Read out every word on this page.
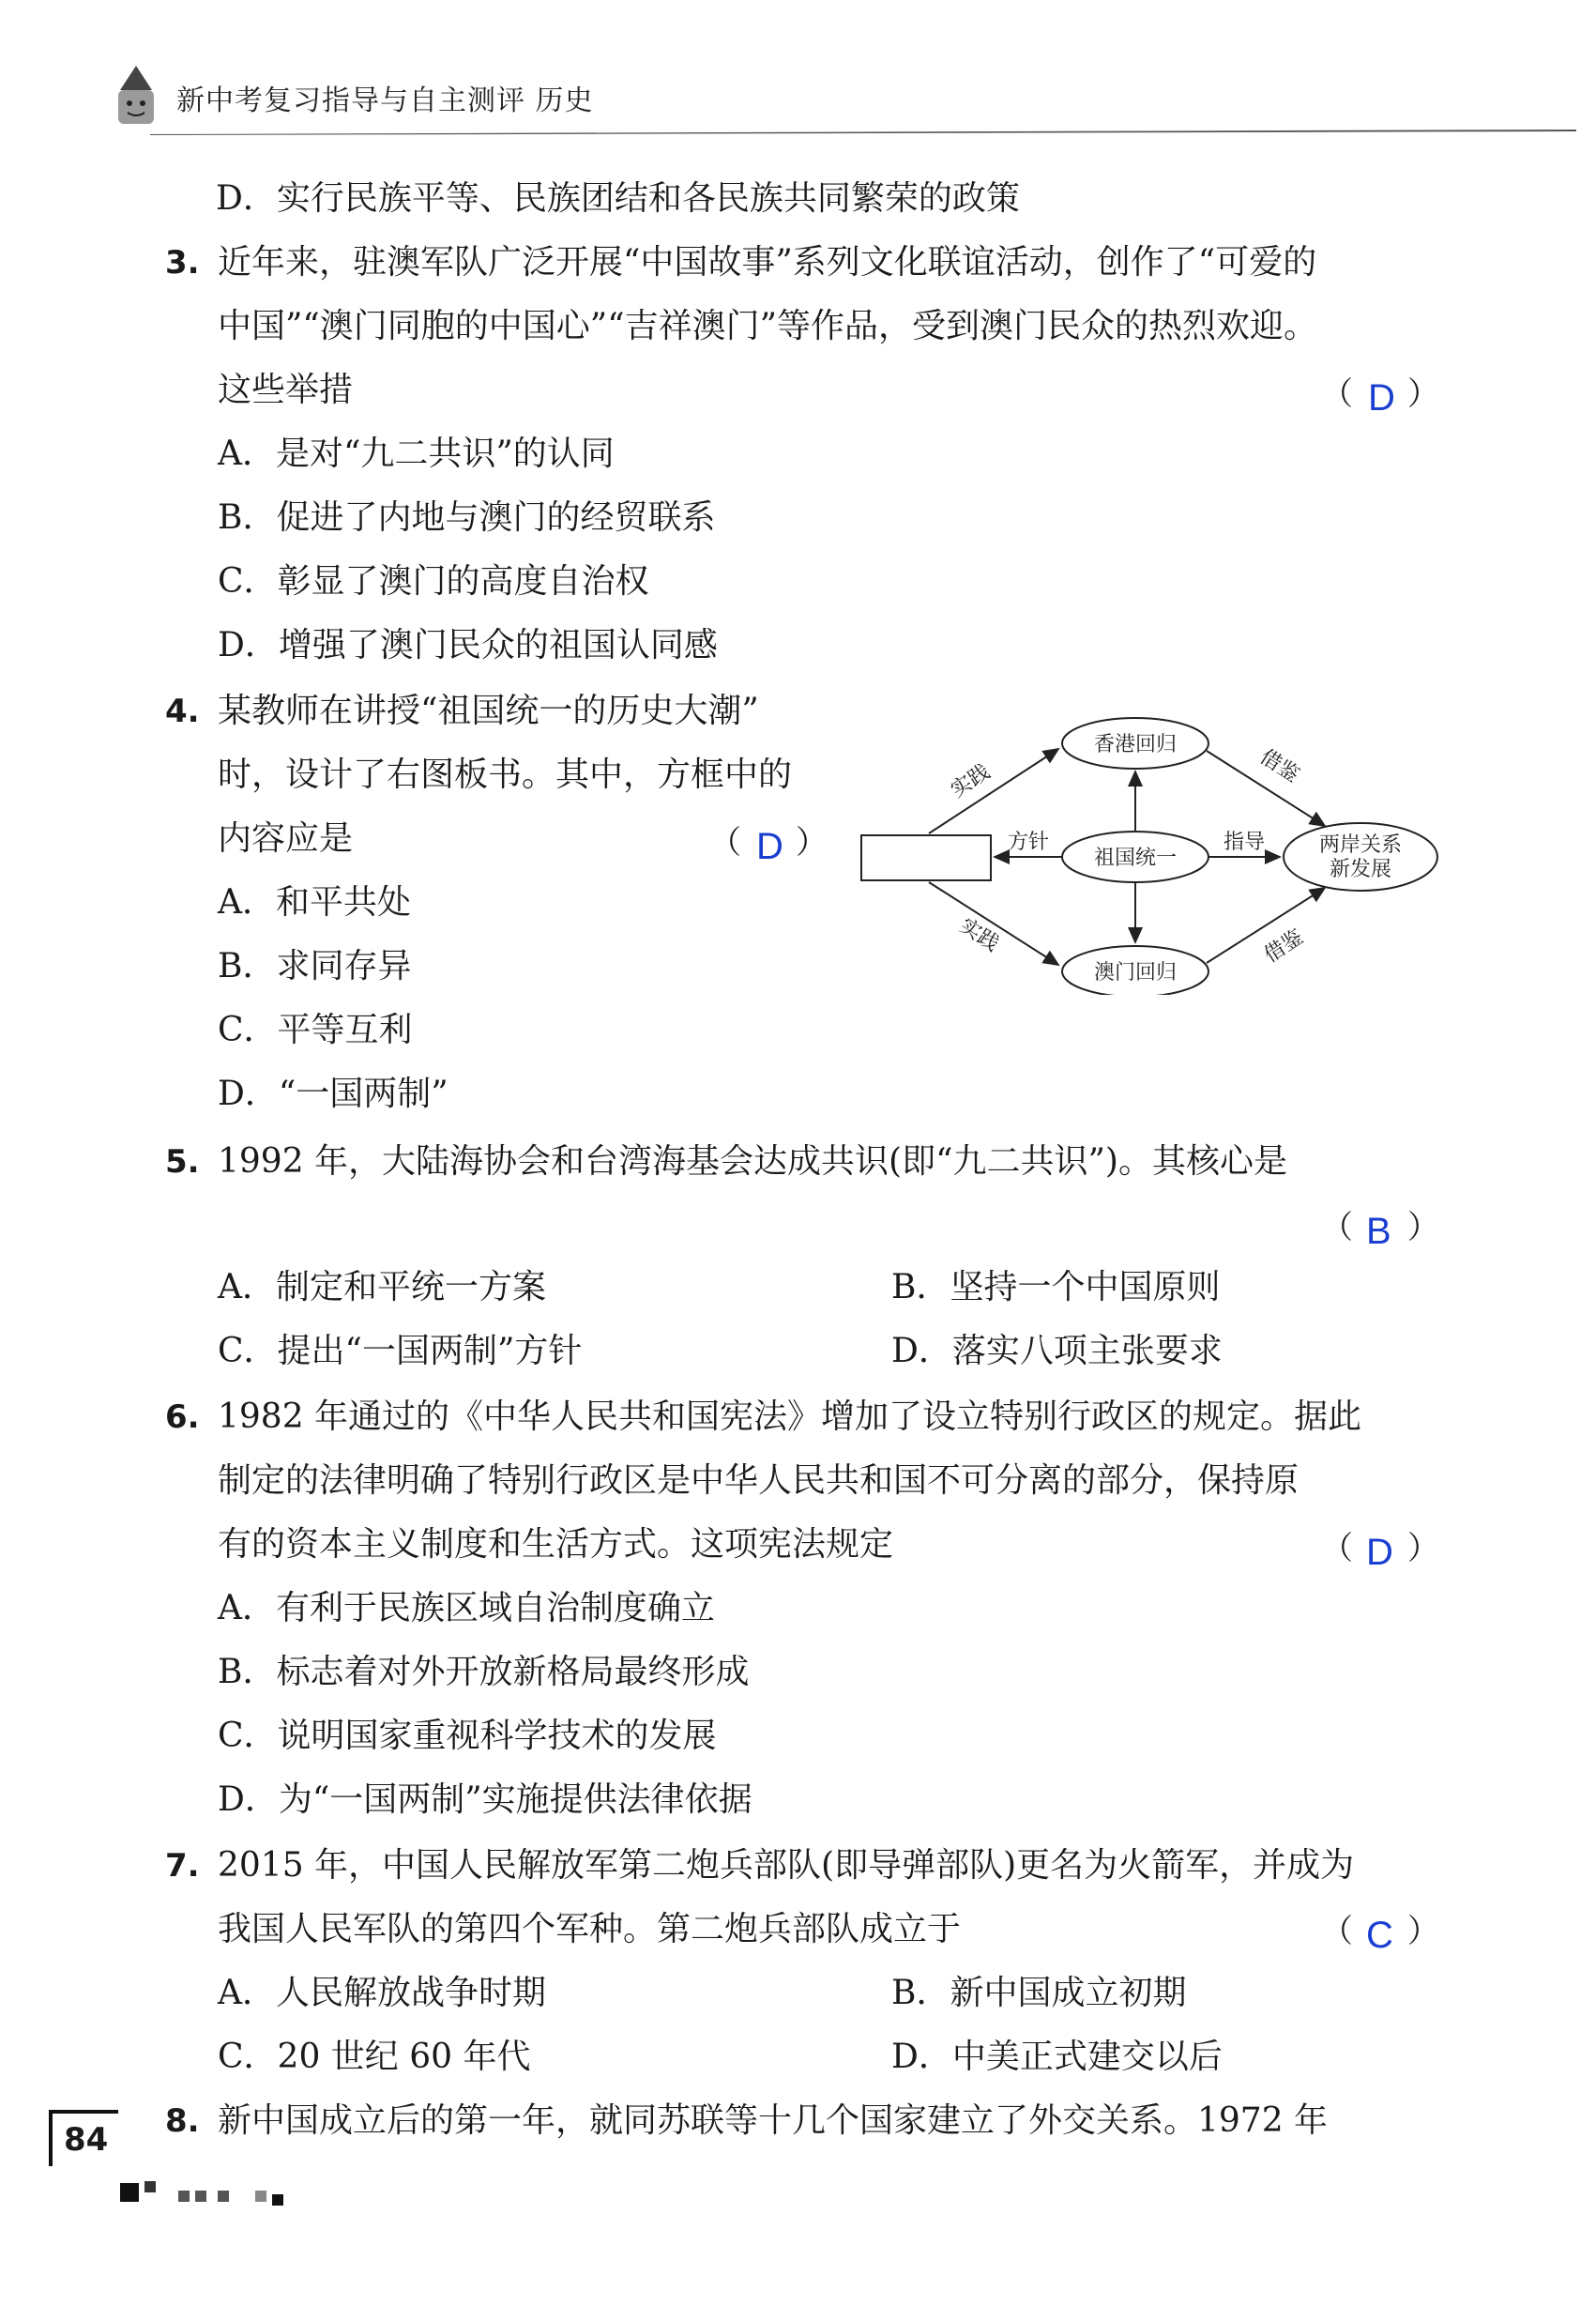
新中考复习指导与自主测评 历史
D．实行民族平等、民族团结和各民族共同繁荣的政策
3. 近年来，驻澳军队广泛开展“中国故事”系列文化联谊活动，创作了“可爱的
中国”“澳门同胞的中国心”“吉祥澳门”等作品，受到澳门民众的热烈欢迎。
这些举措	（ D ）
A．是对“九二共识”的认同
B．促进了内地与澳门的经贸联系
C．彰显了澳门的高度自治权
D．增强了澳门民众的祖国认同感
4. 某教师在讲授“祖国统一的历史大潮”
时，设计了右图板书。其中，方框中的
内容应是	（ D ）
A．和平共处
B．求同存异
C．平等互利
D．“一国两制”
香港回归
祖国统一
澳门回归
两岸关系
新发展
方针	指导
实践
实践
借鉴
借鉴
5. 1992 年，大陆海协会和台湾海基会达成共识(即“九二共识”)。其核心是
（ B ）
A．制定和平统一方案	B．坚持一个中国原则
C．提出“一国两制”方针	D．落实八项主张要求
6. 1982 年通过的《中华人民共和国宪法》增加了设立特别行政区的规定。据此
制定的法律明确了特别行政区是中华人民共和国不可分离的部分，保持原
有的资本主义制度和生活方式。这项宪法规定	（ D ）
A．有利于民族区域自治制度确立
B．标志着对外开放新格局最终形成
C．说明国家重视科学技术的发展
D．为“一国两制”实施提供法律依据
7. 2015 年，中国人民解放军第二炮兵部队(即导弹部队)更名为火箭军，并成为
我国人民军队的第四个军种。第二炮兵部队成立于	（ C ）
A．人民解放战争时期	B．新中国成立初期
C．20 世纪 60 年代	D．中美正式建交以后
8. 新中国成立后的第一年，就同苏联等十几个国家建立了外交关系。1972 年
84
